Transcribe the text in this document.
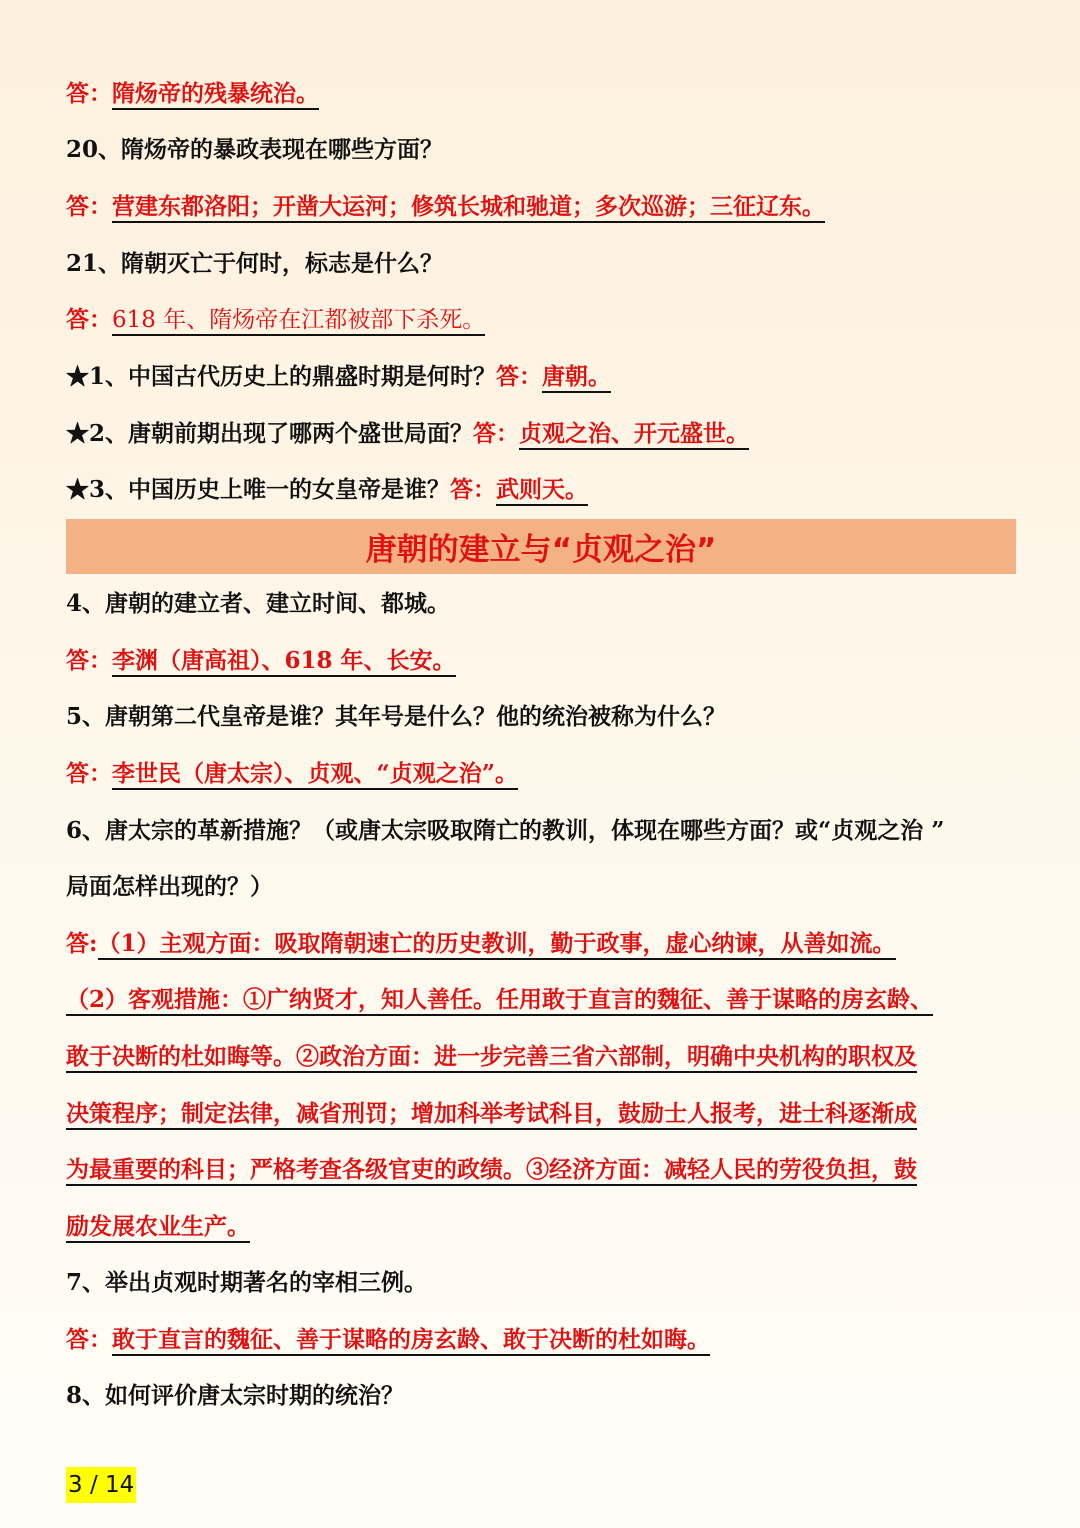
答：隋炀帝的残暴统治。
20、隋炀帝的暴政表现在哪些方面？
答：营建东都洛阳；开凿大运河；修筑长城和驰道；多次巡游；三征辽东。
21、隋朝灭亡于何时，标志是什么？
答：618 年、隋炀帝在江都被部下杀死。
★1、中国古代历史上的鼎盛时期是何时？答：唐朝。
★2、唐朝前期出现了哪两个盛世局面？答：贞观之治、开元盛世。
★3、中国历史上唯一的女皇帝是谁？答：武则天。
唐朝的建立与“贞观之治”
4、唐朝的建立者、建立时间、都城。
答：李渊（唐高祖）、618 年、长安。
5、唐朝第二代皇帝是谁？其年号是什么？他的统治被称为什么？
答：李世民（唐太宗）、贞观、“贞观之治”。
6、唐太宗的革新措施？（或唐太宗吸取隋亡的教训，体现在哪些方面？或“贞观之治 ”
局面怎样出现的？）
答:（1）主观方面：吸取隋朝速亡的历史教训，勤于政事，虚心纳谏，从善如流。
（2）客观措施：①广纳贤才，知人善任。任用敢于直言的魏征、善于谋略的房玄龄、
敢于决断的杜如晦等。②政治方面：进一步完善三省六部制，明确中央机构的职权及
决策程序；制定法律，减省刑罚；增加科举考试科目，鼓励士人报考，进士科逐渐成
为最重要的科目；严格考查各级官吏的政绩。③经济方面：减轻人民的劳役负担，鼓
励发展农业生产。
7、举出贞观时期著名的宰相三例。
答：敢于直言的魏征、善于谋略的房玄龄、敢于决断的杜如晦。
8、如何评价唐太宗时期的统治？
3 / 14
